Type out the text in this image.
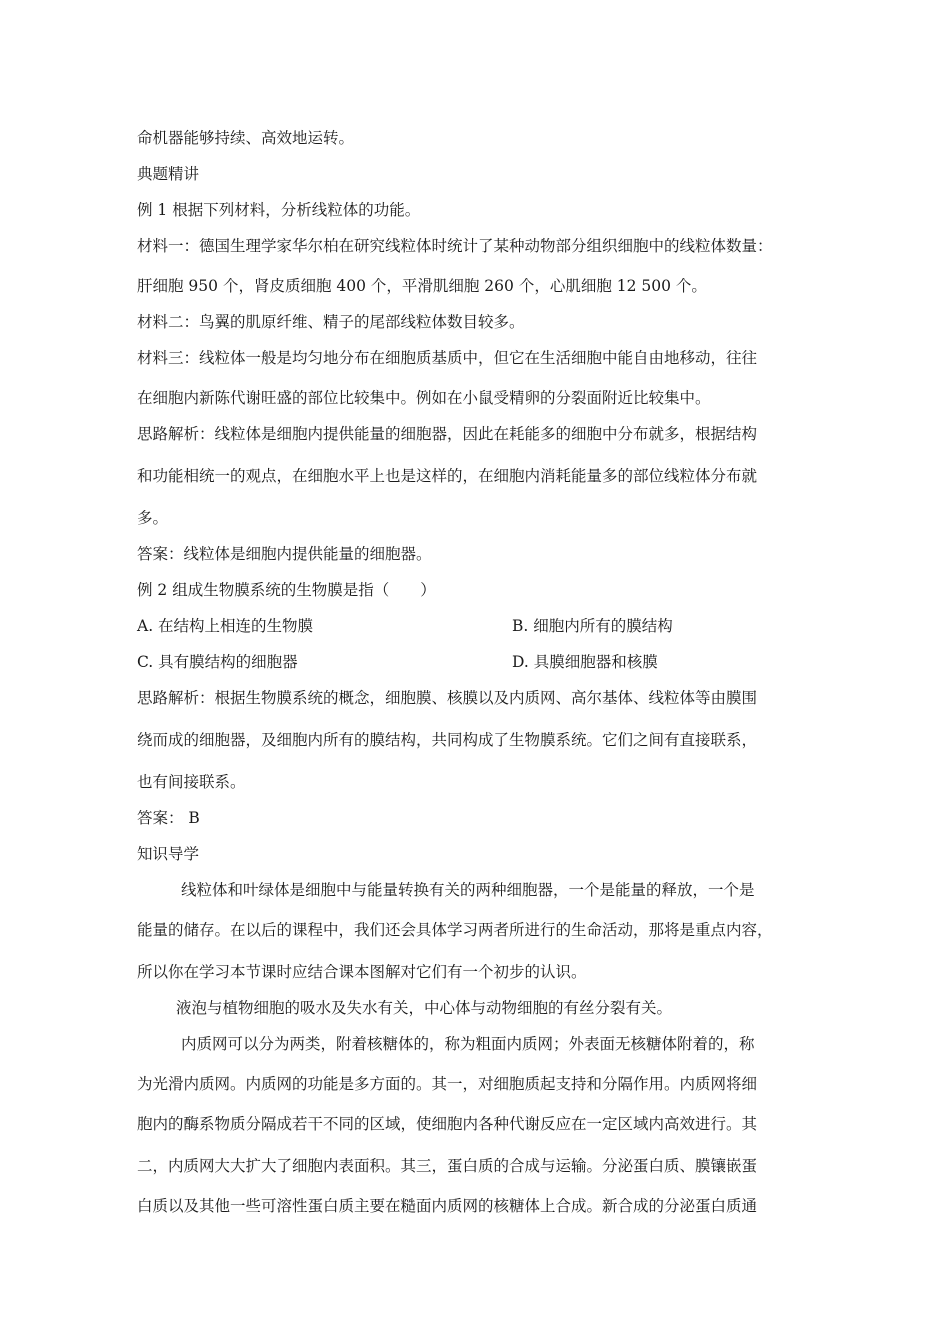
命机器能够持续、高效地运转。
典题精讲
例 1 根据下列材料，分析线粒体的功能。
材料一：德国生理学家华尔柏在研究线粒体时统计了某种动物部分组织细胞中的线粒体数量：
肝细胞 950 个，肾皮质细胞 400 个，平滑肌细胞 260 个，心肌细胞 12 500 个。
材料二：鸟翼的肌原纤维、精子的尾部线粒体数目较多。
材料三：线粒体一般是均匀地分布在细胞质基质中，但它在生活细胞中能自由地移动，往往
在细胞内新陈代谢旺盛的部位比较集中。例如在小鼠受精卵的分裂面附近比较集中。
思路解析：线粒体是细胞内提供能量的细胞器，因此在耗能多的细胞中分布就多，根据结构
和功能相统一的观点，在细胞水平上也是这样的，在细胞内消耗能量多的部位线粒体分布就
多。
答案：线粒体是细胞内提供能量的细胞器。
例 2 组成生物膜系统的生物膜是指（　　）
A. 在结构上相连的生物膜	B. 细胞内所有的膜结构
C. 具有膜结构的细胞器	D. 具膜细胞器和核膜
思路解析：根据生物膜系统的概念，细胞膜、核膜以及内质网、高尔基体、线粒体等由膜围
绕而成的细胞器，及细胞内所有的膜结构，共同构成了生物膜系统。它们之间有直接联系，
也有间接联系。
答案： B
知识导学
线粒体和叶绿体是细胞中与能量转换有关的两种细胞器，一个是能量的释放，一个是
能量的储存。在以后的课程中，我们还会具体学习两者所进行的生命活动，那将是重点内容，
所以你在学习本节课时应结合课本图解对它们有一个初步的认识。
液泡与植物细胞的吸水及失水有关，中心体与动物细胞的有丝分裂有关。
内质网可以分为两类，附着核糖体的，称为粗面内质网；外表面无核糖体附着的，称
为光滑内质网。内质网的功能是多方面的。其一，对细胞质起支持和分隔作用。内质网将细
胞内的酶系物质分隔成若干不同的区域，使细胞内各种代谢反应在一定区域内高效进行。其
二，内质网大大扩大了细胞内表面积。其三，蛋白质的合成与运输。分泌蛋白质、膜镶嵌蛋
白质以及其他一些可溶性蛋白质主要在糙面内质网的核糖体上合成。新合成的分泌蛋白质通
